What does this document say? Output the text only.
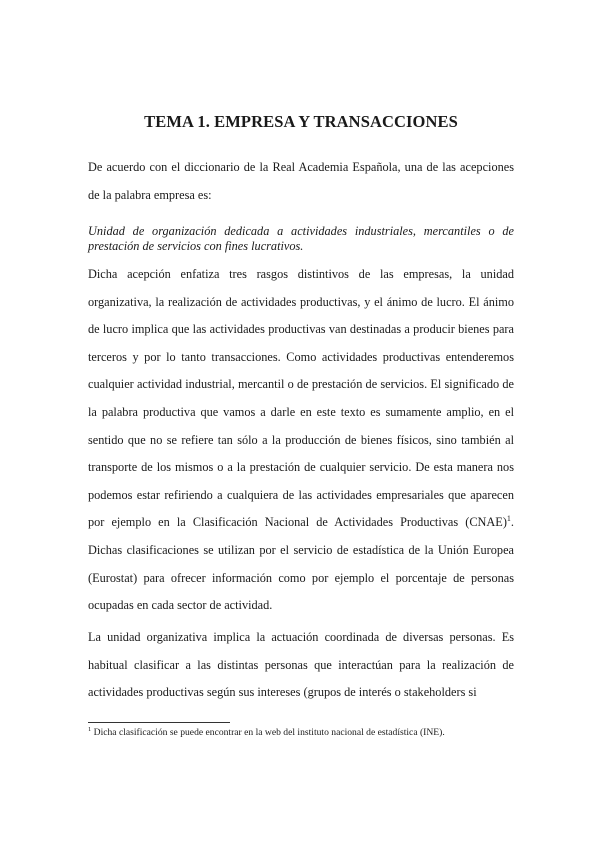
TEMA 1. EMPRESA Y TRANSACCIONES

De acuerdo con el diccionario de la Real Academia Española, una de las acepciones de la palabra empresa es:

Unidad de organización dedicada a actividades industriales, mercantiles o de prestación de servicios con fines lucrativos.

Dicha acepción enfatiza tres rasgos distintivos de las empresas, la unidad organizativa, la realización de actividades productivas, y el ánimo de lucro. El ánimo de lucro implica que las actividades productivas van destinadas a producir bienes para terceros y por lo tanto transacciones. Como actividades productivas entenderemos cualquier actividad industrial, mercantil o de prestación de servicios. El significado de la palabra productiva que vamos a darle en este texto es sumamente amplio, en el sentido que no se refiere tan sólo a la producción de bienes físicos, sino también al transporte de los mismos o a la prestación de cualquier servicio. De esta manera nos podemos estar refiriendo a cualquiera de las actividades empresariales que aparecen por ejemplo en la Clasificación Nacional de Actividades Productivas (CNAE)$^1$. Dichas clasificaciones se utilizan por el servicio de estadística de la Unión Europea (Eurostat) para ofrecer información como por ejemplo el porcentaje de personas ocupadas en cada sector de actividad.

La unidad organizativa implica la actuación coordinada de diversas personas. Es habitual clasificar a las distintas personas que interactúan para la realización de actividades productivas según sus intereses (grupos de interés o stakeholders si

$^1$ Dicha clasificación se puede encontrar en la web del instituto nacional de estadística (INE).
